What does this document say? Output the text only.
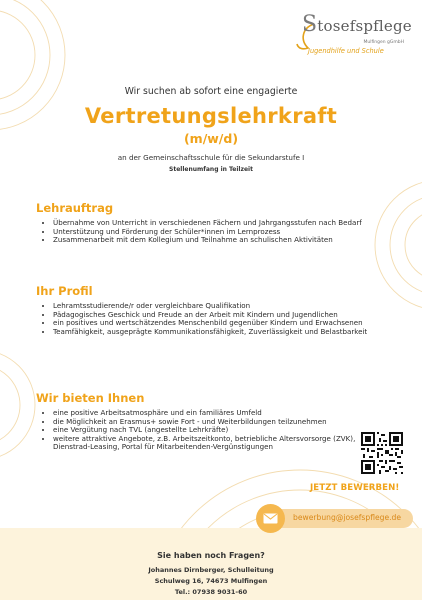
Stosefspflege
Mulfingen gGmbH
Jugendhilfe und Schule
Wir suchen ab sofort eine engagierte
Vertretungslehrkraft
(m/w/d)
an der Gemeinschaftsschule für die Sekundarstufe I
Stellenumfang in Teilzeit
Lehrauftrag
• Übernahme von Unterricht in verschiedenen Fächern und Jahrgangsstufen nach Bedarf
• Unterstützung und Förderung der Schüler*innen im Lernprozess
• Zusammenarbeit mit dem Kollegium und Teilnahme an schulischen Aktivitäten
Ihr Profil
• Lehramtsstudierende/r oder vergleichbare Qualifikation
• Pädagogisches Geschick und Freude an der Arbeit mit Kindern und Jugendlichen
• ein positives und wertschätzendes Menschenbild gegenüber Kindern und Erwachsenen
• Teamfähigkeit, ausgeprägte Kommunikationsfähigkeit, Zuverlässigkeit und Belastbarkeit
Wir bieten Ihnen
• eine positive Arbeitsatmosphäre und ein familiäres Umfeld
• die Möglichkeit an Erasmus+ sowie Fort - und Weiterbildungen teilzunehmen
• eine Vergütung nach TVL (angestellte Lehrkräfte)
• weitere attraktive Angebote, z.B. Arbeitszeitkonto, betriebliche Altersvorsorge (ZVK), Dienstrad-Leasing, Portal für Mitarbeitenden-Vergünstigungen
JETZT BEWERBEN!
bewerbung@josefspflege.de
Sie haben noch Fragen?
Johannes Dirnberger, Schulleitung
Schulweg 16, 74673 Mulfingen
Tel.: 07938 9031-60
